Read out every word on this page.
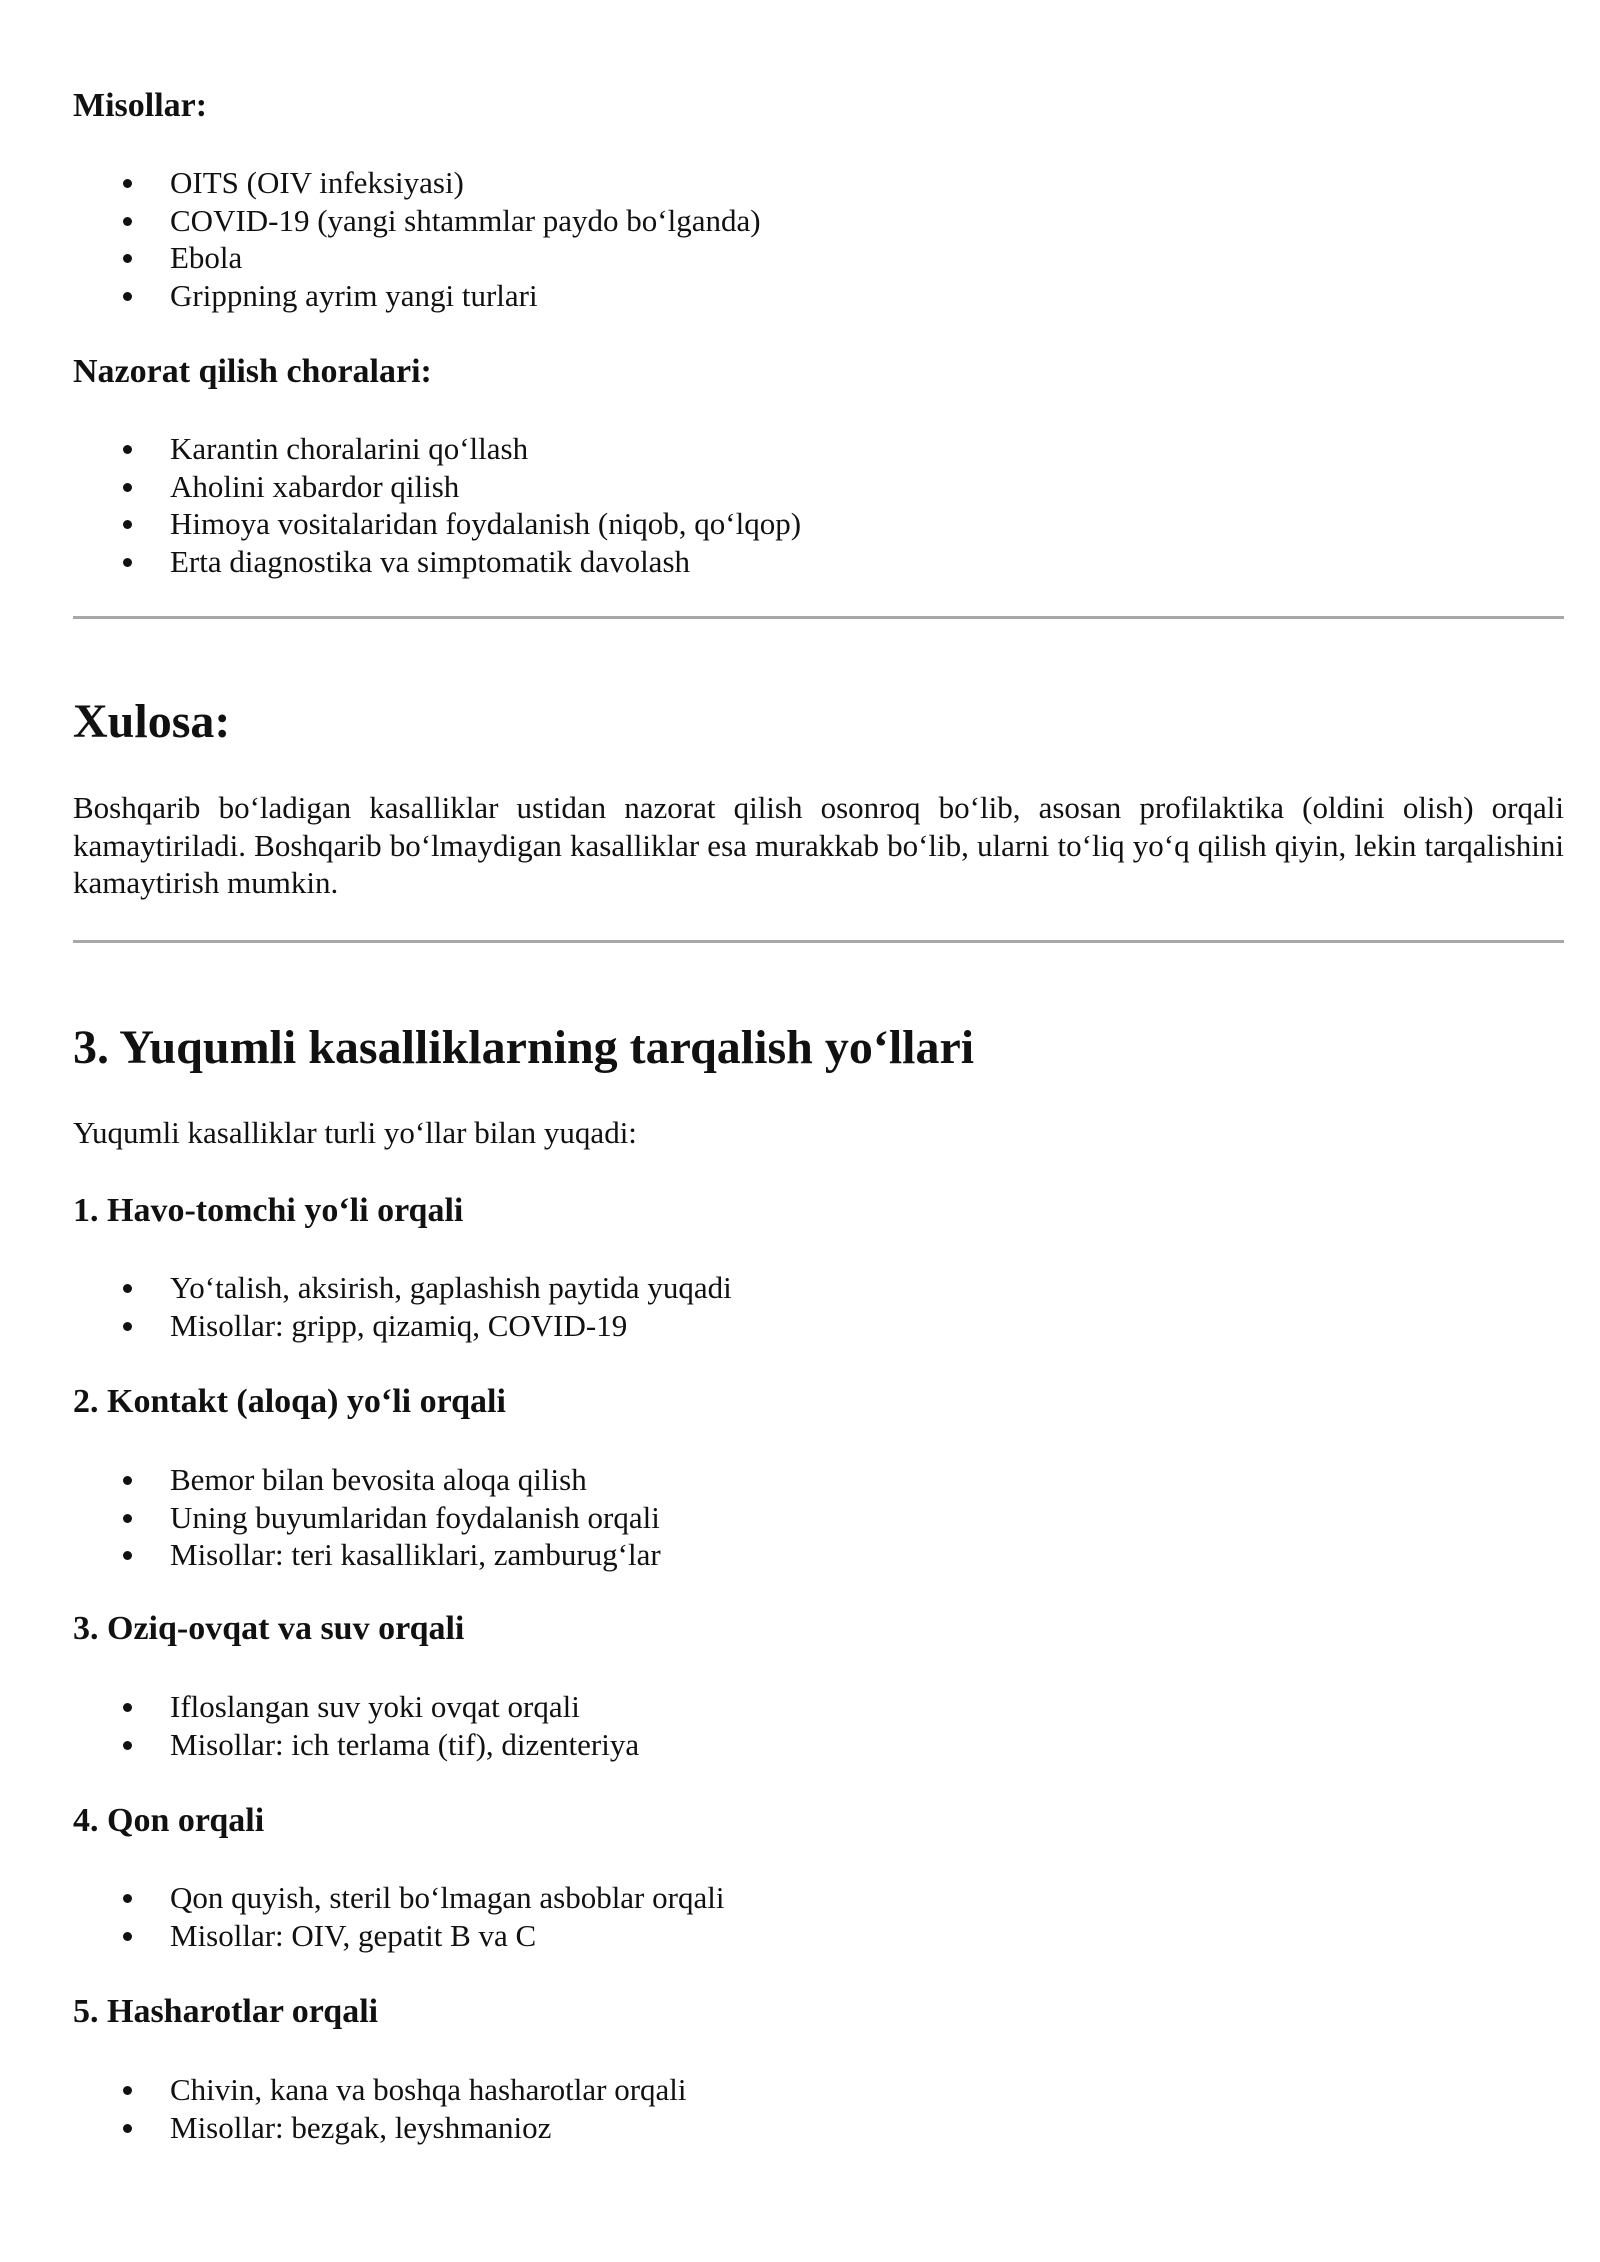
Misollar:
OITS (OIV infeksiyasi)
COVID-19 (yangi shtammlar paydo bo‘lganda)
Ebola
Grippning ayrim yangi turlari
Nazorat qilish choralari:
Karantin choralarini qo‘llash
Aholini xabardor qilish
Himoya vositalaridan foydalanish (niqob, qo‘lqop)
Erta diagnostika va simptomatik davolash
Xulosa:

Boshqarib bo‘ladigan kasalliklar ustidan nazorat qilish osonroq bo‘lib, asosan profilaktika (oldini olish) orqali kamaytiriladi. Boshqarib bo‘lmaydigan kasalliklar esa murakkab bo‘lib, ularni to‘liq yo‘q qilish qiyin, lekin tarqalishini kamaytirish mumkin.

3. Yuqumli kasalliklarning tarqalish yo‘llari

Yuqumli kasalliklar turli yo‘llar bilan yuqadi:

1. Havo-tomchi yo‘li orqali
Yo‘talish, aksirish, gaplashish paytida yuqadi
Misollar: gripp, qizamiq, COVID-19
2. Kontakt (aloqa) yo‘li orqali
Bemor bilan bevosita aloqa qilish
Uning buyumlaridan foydalanish orqali
Misollar: teri kasalliklari, zamburug‘lar
3. Oziq-ovqat va suv orqali
Ifloslangan suv yoki ovqat orqali
Misollar: ich terlama (tif), dizenteriya
4. Qon orqali
Qon quyish, steril bo‘lmagan asboblar orqali
Misollar: OIV, gepatit B va C
5. Hasharotlar orqali
Chivin, kana va boshqa hasharotlar orqali
Misollar: bezgak, leyshmanioz
